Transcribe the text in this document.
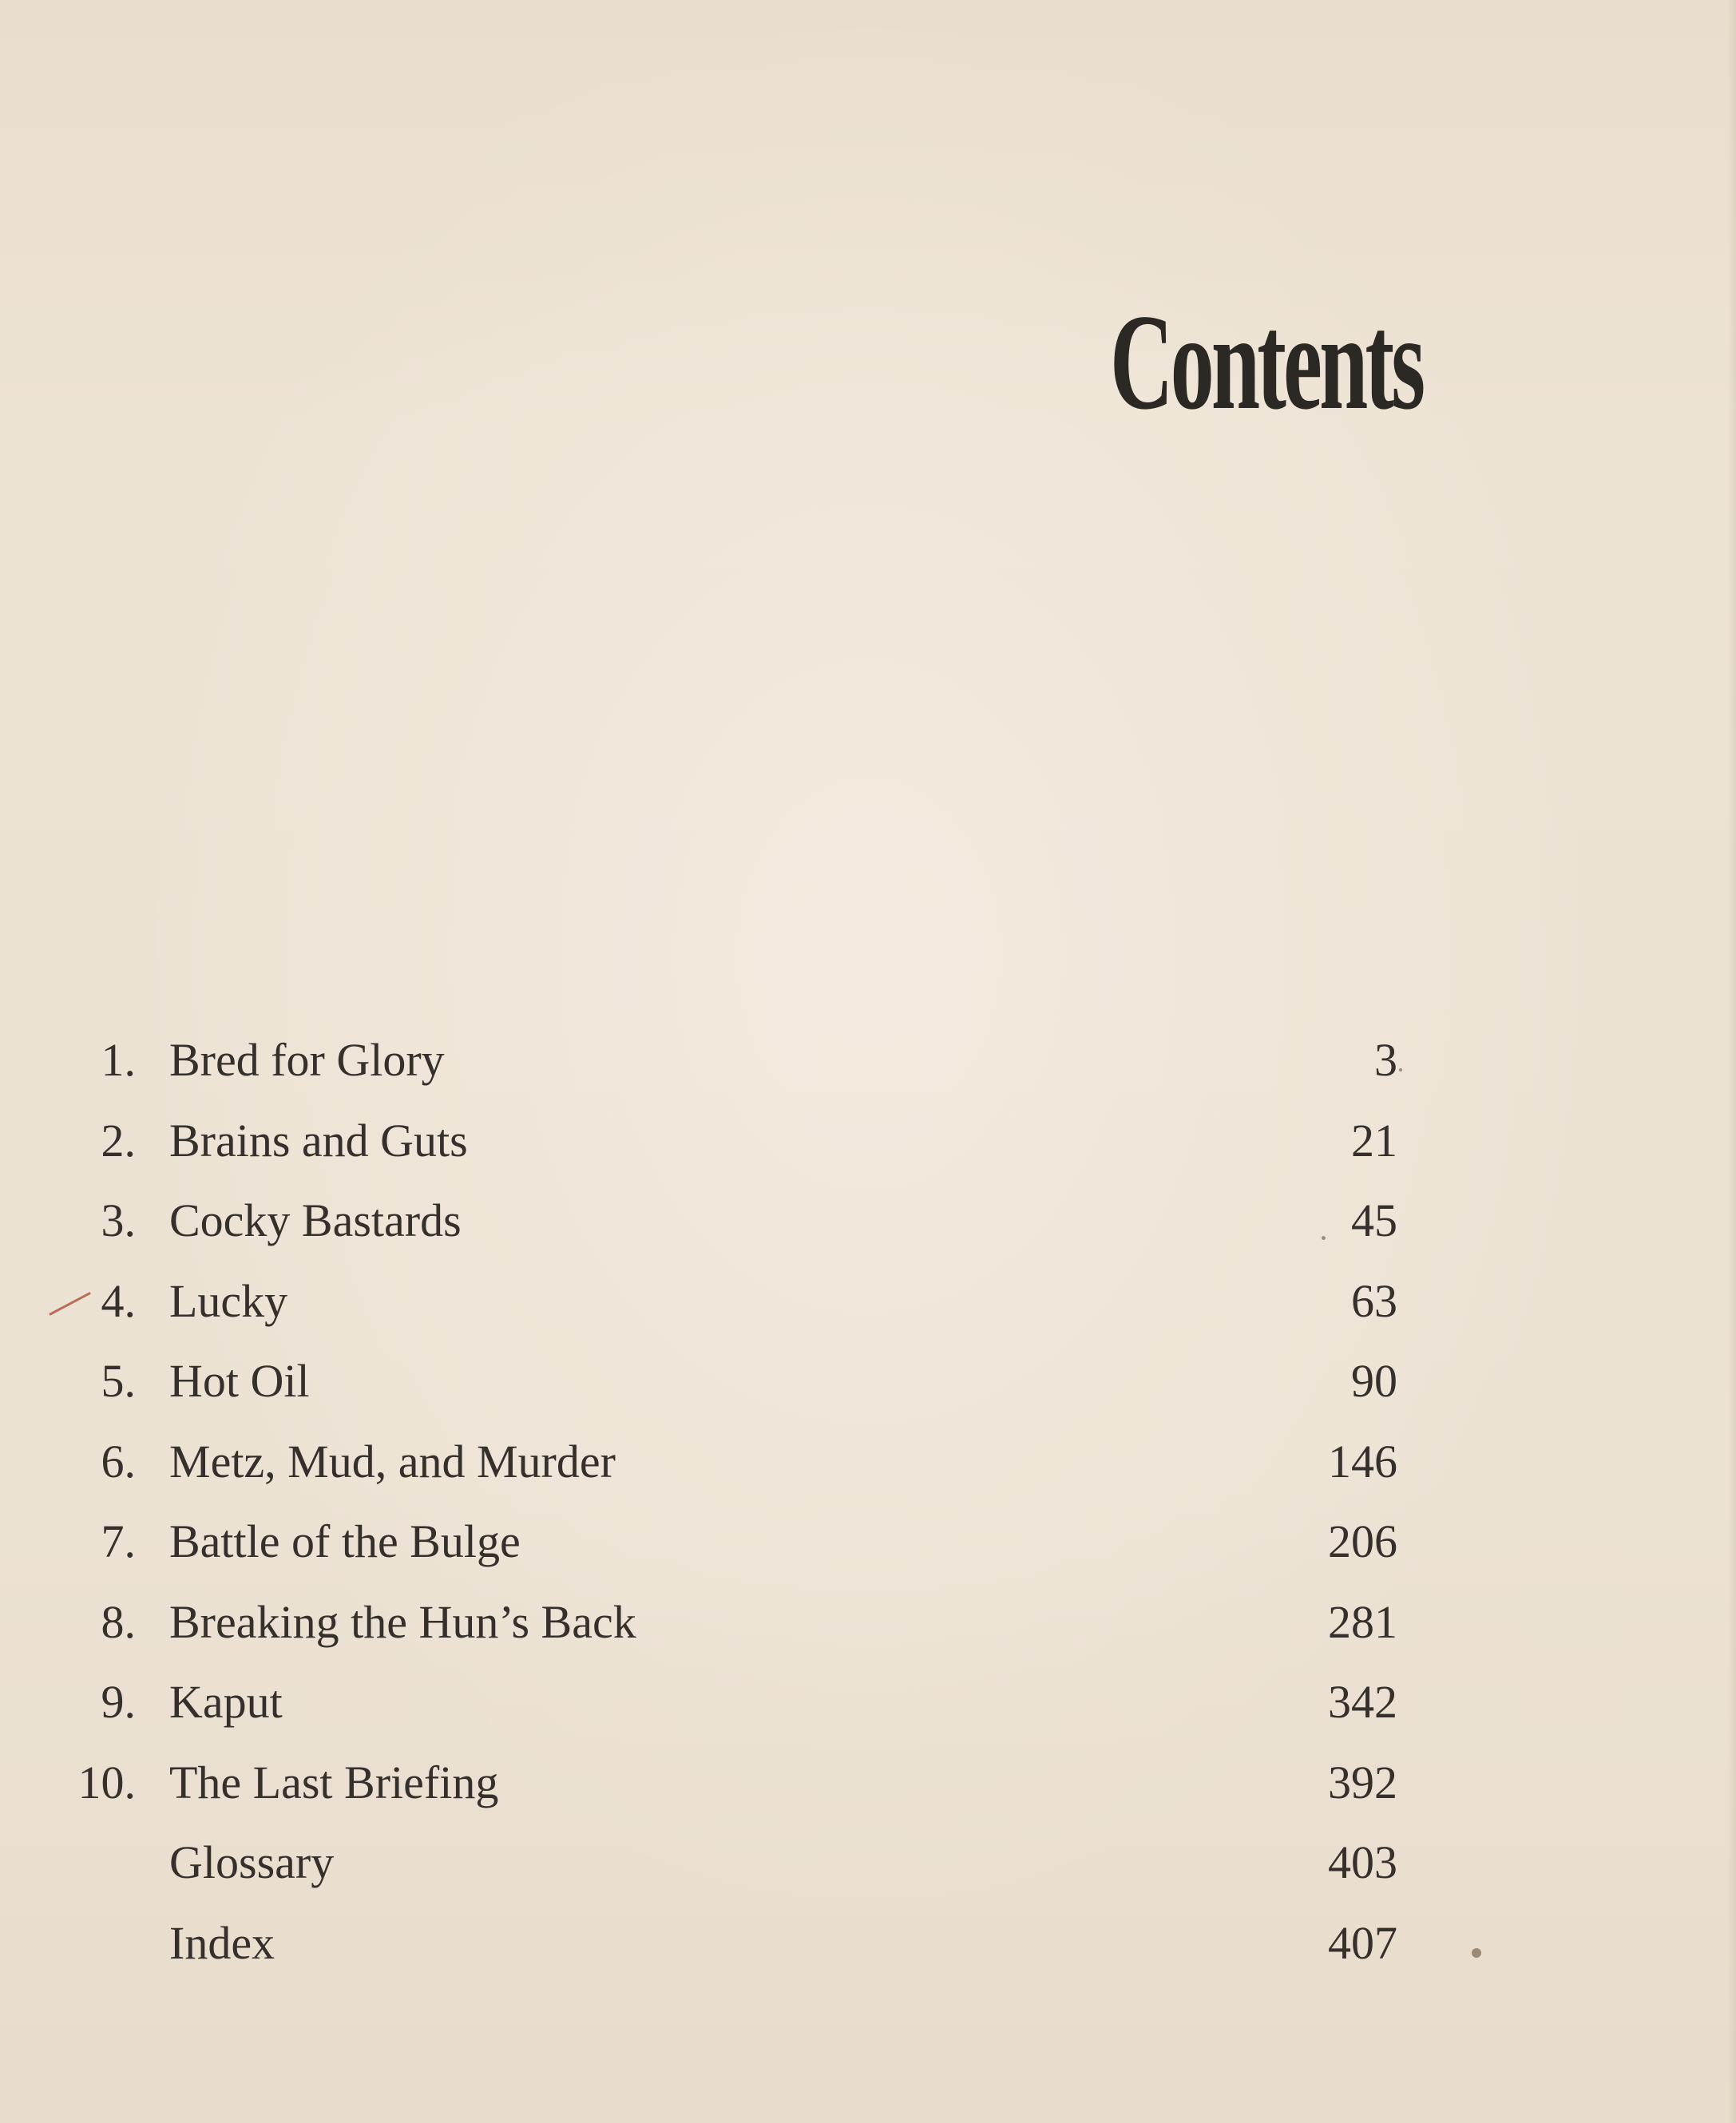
Contents
1. Bred for Glory	3
2. Brains and Guts	21
3. Cocky Bastards	45
4. Lucky	63
5. Hot Oil	90
6. Metz, Mud, and Murder	146
7. Battle of the Bulge	206
8. Breaking the Hun’s Back	281
9. Kaput	342
10. The Last Briefing	392
Glossary	403
Index	407
